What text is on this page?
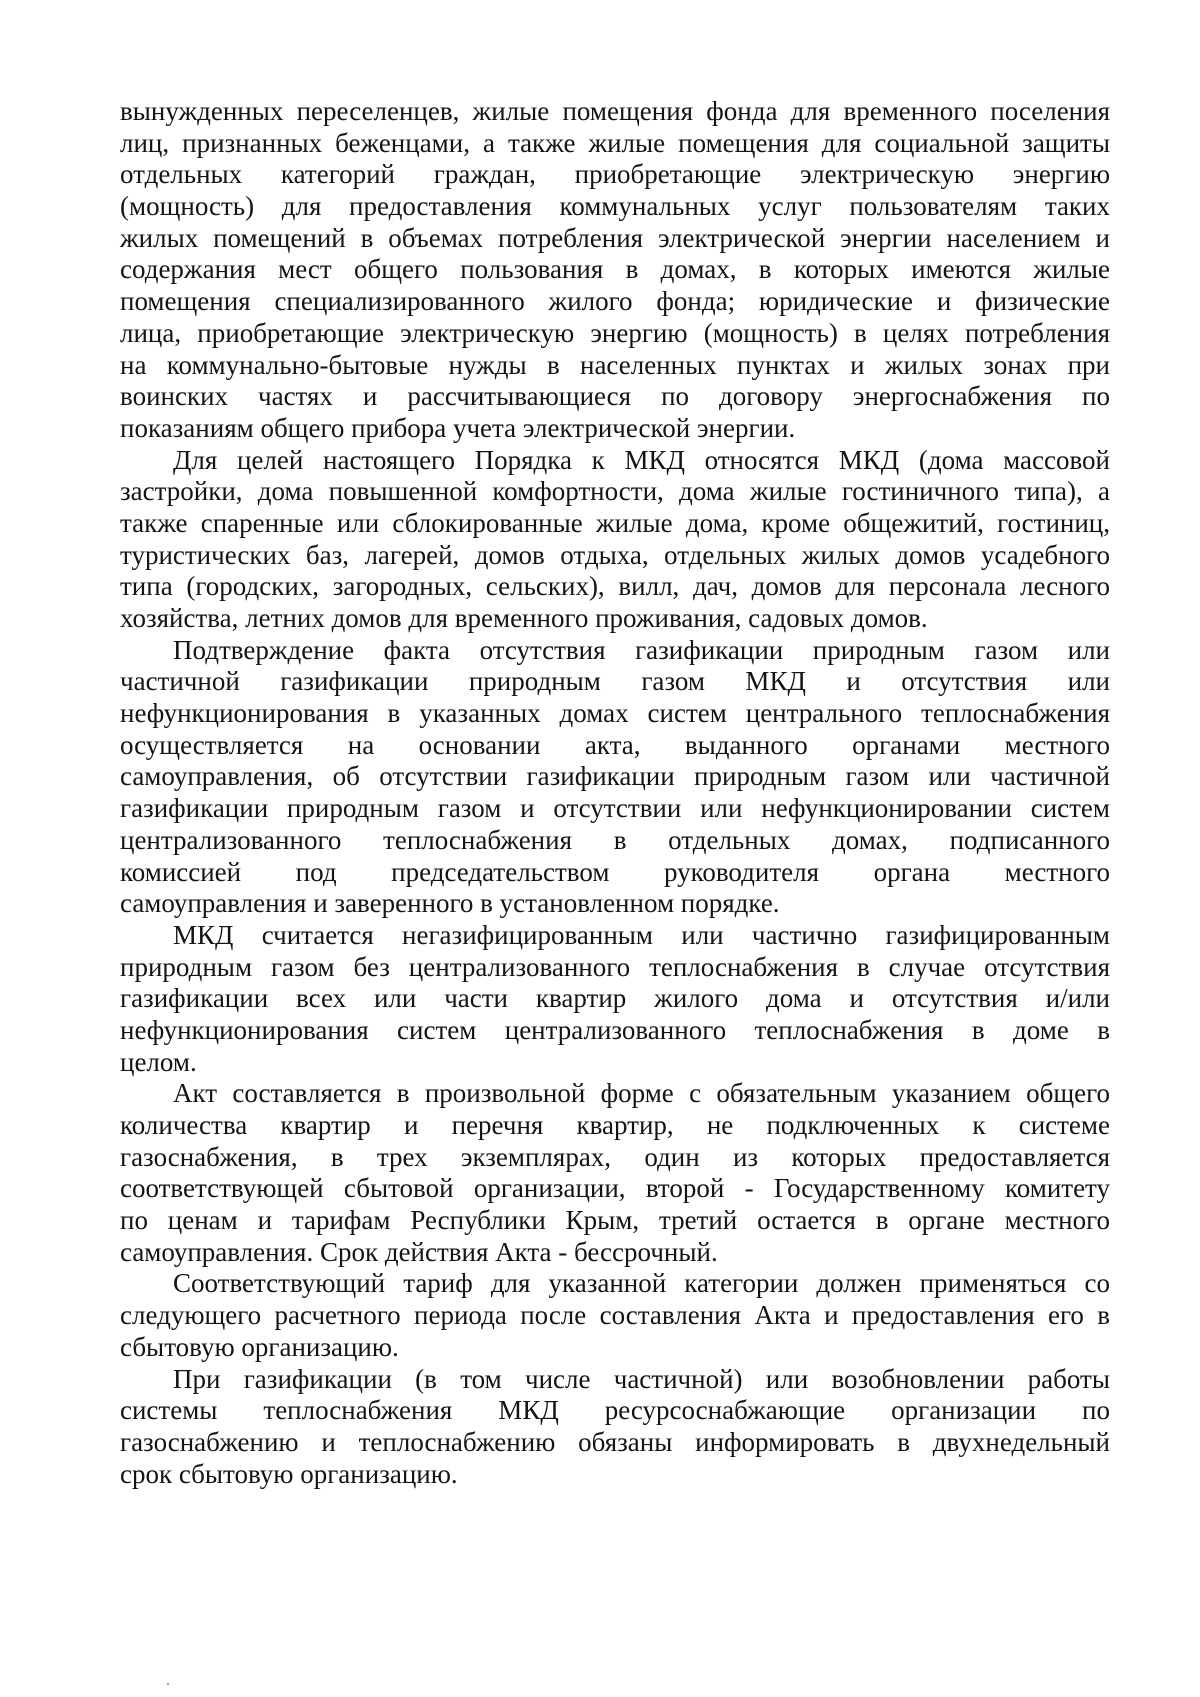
вынужденных переселенцев, жилые помещения фонда для временного поселения
лиц, признанных беженцами, а также жилые помещения для социальной защиты
отдельных категорий граждан, приобретающие электрическую энергию
(мощность) для предоставления коммунальных услуг пользователям таких
жилых помещений в объемах потребления электрической энергии населением и
содержания мест общего пользования в домах, в которых имеются жилые
помещения специализированного жилого фонда; юридические и физические
лица, приобретающие электрическую энергию (мощность) в целях потребления
на коммунально-бытовые нужды в населенных пунктах и жилых зонах при
воинских частях и рассчитывающиеся по договору энергоснабжения по
показаниям общего прибора учета электрической энергии.
Для целей настоящего Порядка к МКД относятся МКД (дома массовой
застройки, дома повышенной комфортности, дома жилые гостиничного типа), а
также спаренные или сблокированные жилые дома, кроме общежитий, гостиниц,
туристических баз, лагерей, домов отдыха, отдельных жилых домов усадебного
типа (городских, загородных, сельских), вилл, дач, домов для персонала лесного
хозяйства, летних домов для временного проживания, садовых домов.
Подтверждение факта отсутствия газификации природным газом или
частичной газификации природным газом МКД и отсутствия или
нефункционирования в указанных домах систем центрального теплоснабжения
осуществляется на основании акта, выданного органами местного
самоуправления, об отсутствии газификации природным газом или частичной
газификации природным газом и отсутствии или нефункционировании систем
централизованного теплоснабжения в отдельных домах, подписанного
комиссией под председательством руководителя органа местного
самоуправления и заверенного в установленном порядке.
МКД считается негазифицированным или частично газифицированным
природным газом без централизованного теплоснабжения в случае отсутствия
газификации всех или части квартир жилого дома и отсутствия и/или
нефункционирования систем централизованного теплоснабжения в доме в
целом.
Акт составляется в произвольной форме с обязательным указанием общего
количества квартир и перечня квартир, не подключенных к системе
газоснабжения, в трех экземплярах, один из которых предоставляется
соответствующей сбытовой организации, второй - Государственному комитету
по ценам и тарифам Республики Крым, третий остается в органе местного
самоуправления. Срок действия Акта - бессрочный.
Соответствующий тариф для указанной категории должен применяться со
следующего расчетного периода после составления Акта и предоставления его в
сбытовую организацию.
При газификации (в том числе частичной) или возобновлении работы
системы теплоснабжения МКД ресурсоснабжающие организации по
газоснабжению и теплоснабжению обязаны информировать в двухнедельный
срок сбытовую организацию.
